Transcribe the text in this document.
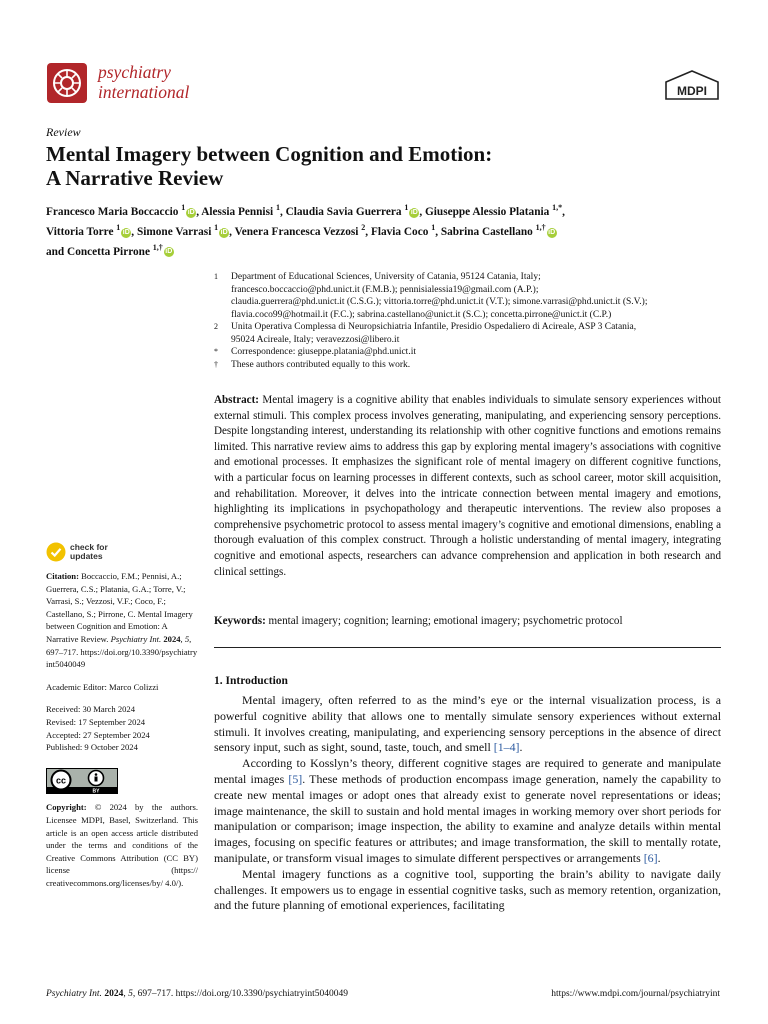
psychiatry
international	MDPI
Review
Mental Imagery between Cognition and Emotion:
A Narrative Review
Francesco Maria Boccaccio $^1$iD , Alessia Pennisi $^1$, Claudia Savia Guerrera $^1$iD , Giuseppe Alessio Platania $^{1,*}$,
Vittoria Torre $^1$iD , Simone Varrasi $^1$iD , Venera Francesca Vezzosi $^2$, Flavia Coco $^1$, Sabrina Castellano $^{1,\dagger}$iD
and Concetta Pirrone $^{1,\dagger}$iD
1 Department of Educational Sciences, University of Catania, 95124 Catania, Italy;
francesco.boccaccio@phd.unict.it (F.M.B.); pennisialessia19@gmail.com (A.P.);
claudia.guerrera@phd.unict.it (C.S.G.); vittoria.torre@phd.unict.it (V.T.); simone.varrasi@phd.unict.it (S.V.);
flavia.coco99@hotmail.it (F.C.); sabrina.castellano@unict.it (S.C.); concetta.pirrone@unict.it (C.P.)
2 Unita Operativa Complessa di Neuropsichiatria Infantile, Presidio Ospedaliero di Acireale, ASP 3 Catania,
95024 Acireale, Italy; veravezzosi@libero.it
* Correspondence: giuseppe.platania@phd.unict.it
† These authors contributed equally to this work.
Abstract: Mental imagery is a cognitive ability that enables individuals to simulate sensory experiences without external stimuli. This complex process involves generating, manipulating, and experiencing sensory perceptions. Despite longstanding interest, understanding its relationship with other cognitive functions and emotions remains limited. This narrative review aims to address this gap by exploring mental imagery’s associations with cognitive and emotional processes. It emphasizes the significant role of mental imagery on different cognitive functions, with a particular focus on learning processes in different contexts, such as school career, motor skill acquisition, and rehabilitation. Moreover, it delves into the intricate connection between mental imagery and emotions, highlighting its implications in psychopathology and therapeutic interventions. The review also proposes a comprehensive psychometric protocol to assess mental imagery’s cognitive and emotional dimensions, enabling a thorough evaluation of this complex construct. Through a holistic understanding of mental imagery, integrating cognitive and emotional aspects, researchers can advance comprehension and application in both research and clinical settings.
Keywords: mental imagery; cognition; learning; emotional imagery; psychometric protocol
1. Introduction

Mental imagery, often referred to as the mind’s eye or the internal visualization process, is a powerful cognitive ability that allows one to mentally simulate sensory experiences without external stimuli. It involves creating, manipulating, and experiencing sensory perceptions in the absence of direct sensory input, such as sight, sound, taste, touch, and smell [1–4].

According to Kosslyn’s theory, different cognitive stages are required to generate and manipulate mental images [5]. These methods of production encompass image generation, namely the capability to create new mental images or adopt ones that already exist to generate novel representations or ideas; image maintenance, the skill to sustain and hold mental images in working memory over short periods for manipulation or comparison; image inspection, the ability to examine and analyze details within mental images, focusing on specific features or attributes; and image transformation, the skill to mentally rotate, manipulate, or transform visual images to simulate different perspectives or arrangements [6].

Mental imagery functions as a cognitive tool, supporting the brain’s ability to navigate daily challenges. It empowers us to engage in essential cognitive tasks, such as memory retention, organization, and the future planning of emotional experiences, facilitating

check for
updates
Citation: Boccaccio, F.M.; Pennisi, A.; Guerrera, C.S.; Platania, G.A.; Torre, V.; Varrasi, S.; Vezzosi, V.F.; Coco, F.; Castellano, S.; Pirrone, C. Mental Imagery between Cognition and Emotion: A Narrative Review. Psychiatry Int. 2024, 5, 697–717. https://doi.org/10.3390/psychiatryint5040049
Academic Editor: Marco Colizzi
Received: 30 March 2024
Revised: 17 September 2024
Accepted: 27 September 2024
Published: 9 October 2024
cc
BY
Copyright: © 2024 by the authors. Licensee MDPI, Basel, Switzerland. This article is an open access article distributed under the terms and conditions of the Creative Commons Attribution (CC BY) license (https:// creativecommons.org/licenses/by/ 4.0/).
Psychiatry Int. 2024, 5, 697–717. https://doi.org/10.3390/psychiatryint5040049	https://www.mdpi.com/journal/psychiatryint
